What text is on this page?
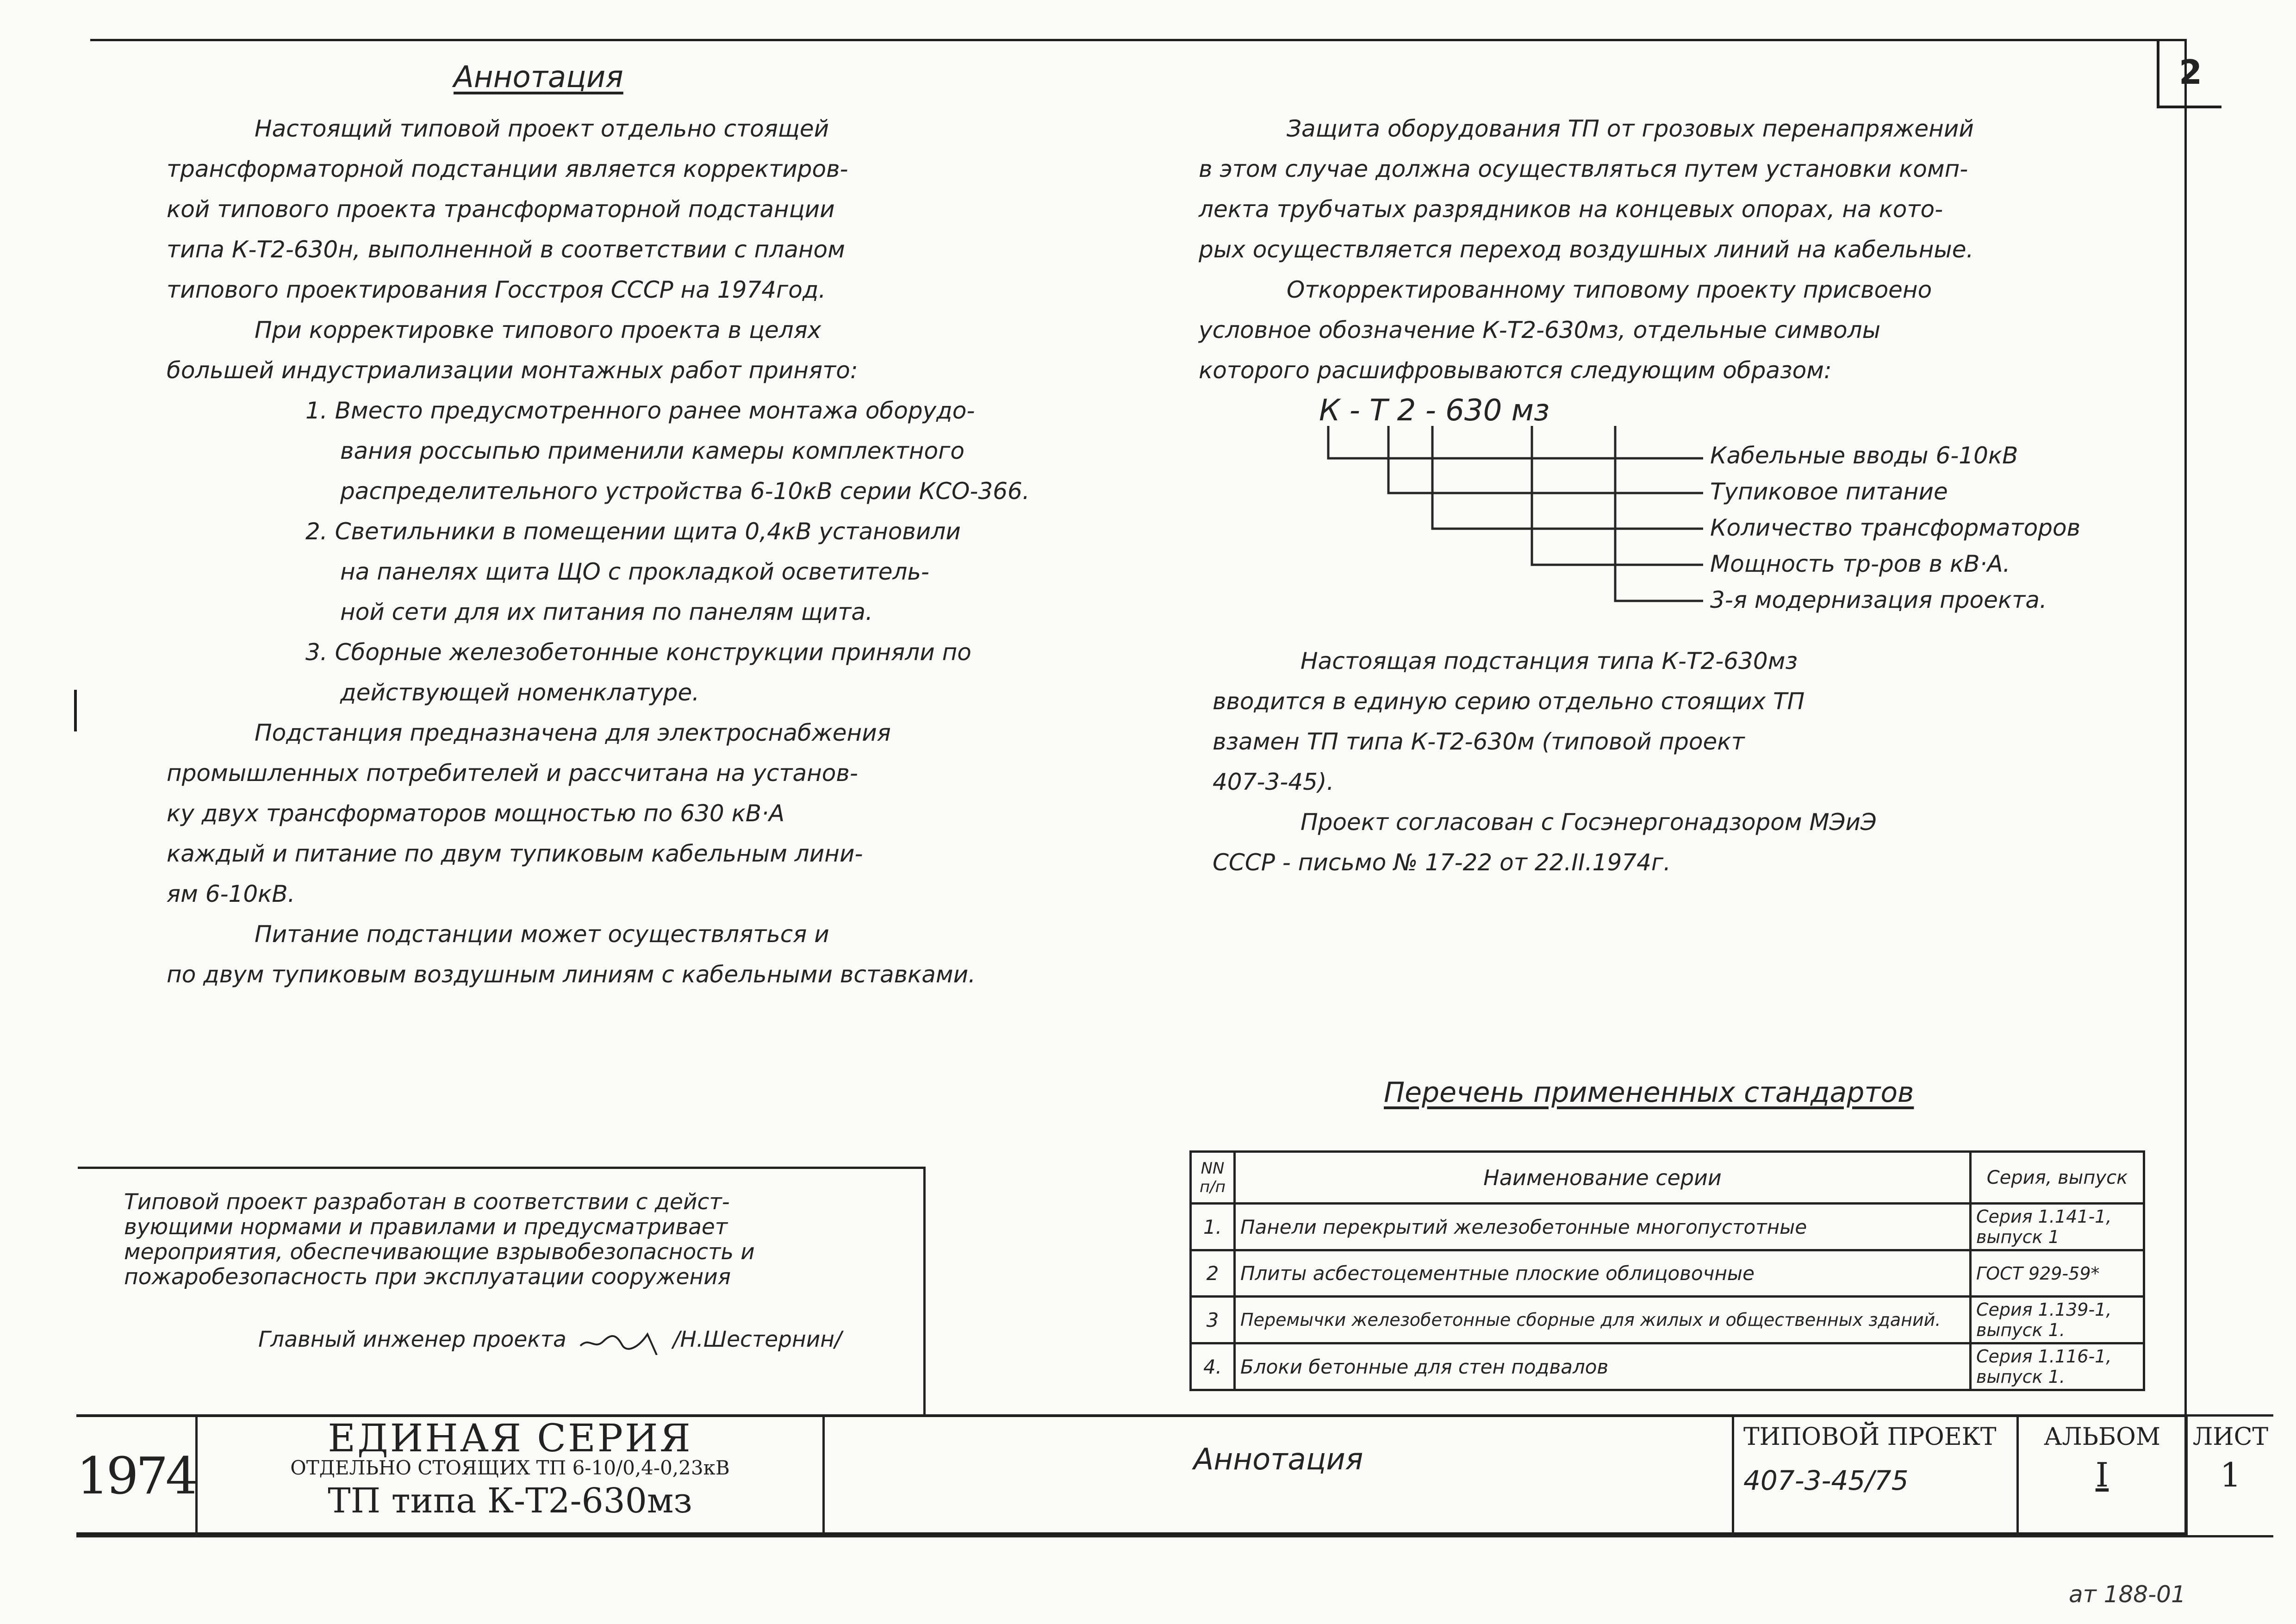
2
Аннотация

Настоящий типовой проект отдельно стоящей
трансформаторной подстанции является корректиров-
кой типового проекта трансформаторной подстанции
типа К-Т2-630н, выполненной в соответствии с планом
типового проектирования Госстроя СССР на 1974год.

При корректировке типового проекта в целях
большей индустриализации монтажных работ принято:

1. Вместо предусмотренного ранее монтажа оборудо-
вания россыпью применили камеры комплектного
распределительного устройства 6-10кВ серии КСО-366.

2. Светильники в помещении щита 0,4кВ установили
на панелях щита ЩО с прокладкой осветитель-
ной сети для их питания по панелям щита.

3. Сборные железобетонные конструкции приняли по
действующей номенклатуре.

Подстанция предназначена для электроснабжения
промышленных потребителей и рассчитана на установ-
ку двух трансформаторов мощностью по 630 кВ·А
каждый и питание по двум тупиковым кабельным лини-
ям 6-10кВ.

Питание подстанции может осуществляться и
по двум тупиковым воздушным линиям с кабельными вставками.

Защита оборудования ТП от грозовых перенапряжений
в этом случае должна осуществляться путем установки комп-
лекта трубчатых разрядников на концевых опорах, на кото-
рых осуществляется переход воздушных линий на кабельные.

Откорректированному типовому проекту присвоено
условное обозначение К-Т2-630мз, отдельные символы
которого расшифровываются следующим образом:

К - Т 2 - 630 мз
Кабельные вводы 6-10кВ
Тупиковое питание
Количество трансформаторов
Мощность тр-ров в кВ·А.
3-я модернизация проекта.

Настоящая подстанция типа К-Т2-630мз
вводится в единую серию отдельно стоящих ТП
взамен ТП типа К-Т2-630м (типовой проект
407-3-45).

Проект согласован с Госэнергонадзором МЭиЭ
СССР - письмо № 17-22 от 22.II.1974г.

Перечень примененных стандартов
NN п/п	Наименование серии	Серия, выпуск
1.	Панели перекрытий железобетонные многопустотные	Серия 1.141-1, выпуск 1
2	Плиты асбестоцементные плоские облицовочные	ГОСТ 929-59*
3	Перемычки железобетонные сборные для жилых и общественных зданий.	Серия 1.139-1, выпуск 1.
4.	Блоки бетонные для стен подвалов	Серия 1.116-1, выпуск 1.
Типовой проект разработан в соответствии с дейст-
вующими нормами и правилами и предусматривает
мероприятия, обеспечивающие взрывобезопасность и
пожаробезопасность при эксплуатации сооружения
Главный инженер проекта	/Н.Шестернин/
1974
ЕДИНАЯ СЕРИЯ
ОТДЕЛЬНО СТОЯЩИХ ТП 6-10/0,4-0,23кВ
ТП типа К-Т2-630мз
Аннотация
ТИПОВОЙ ПРОЕКТ
407-3-45/75
АЛЬБОМ
I
ЛИСТ
1
ат 188-01
